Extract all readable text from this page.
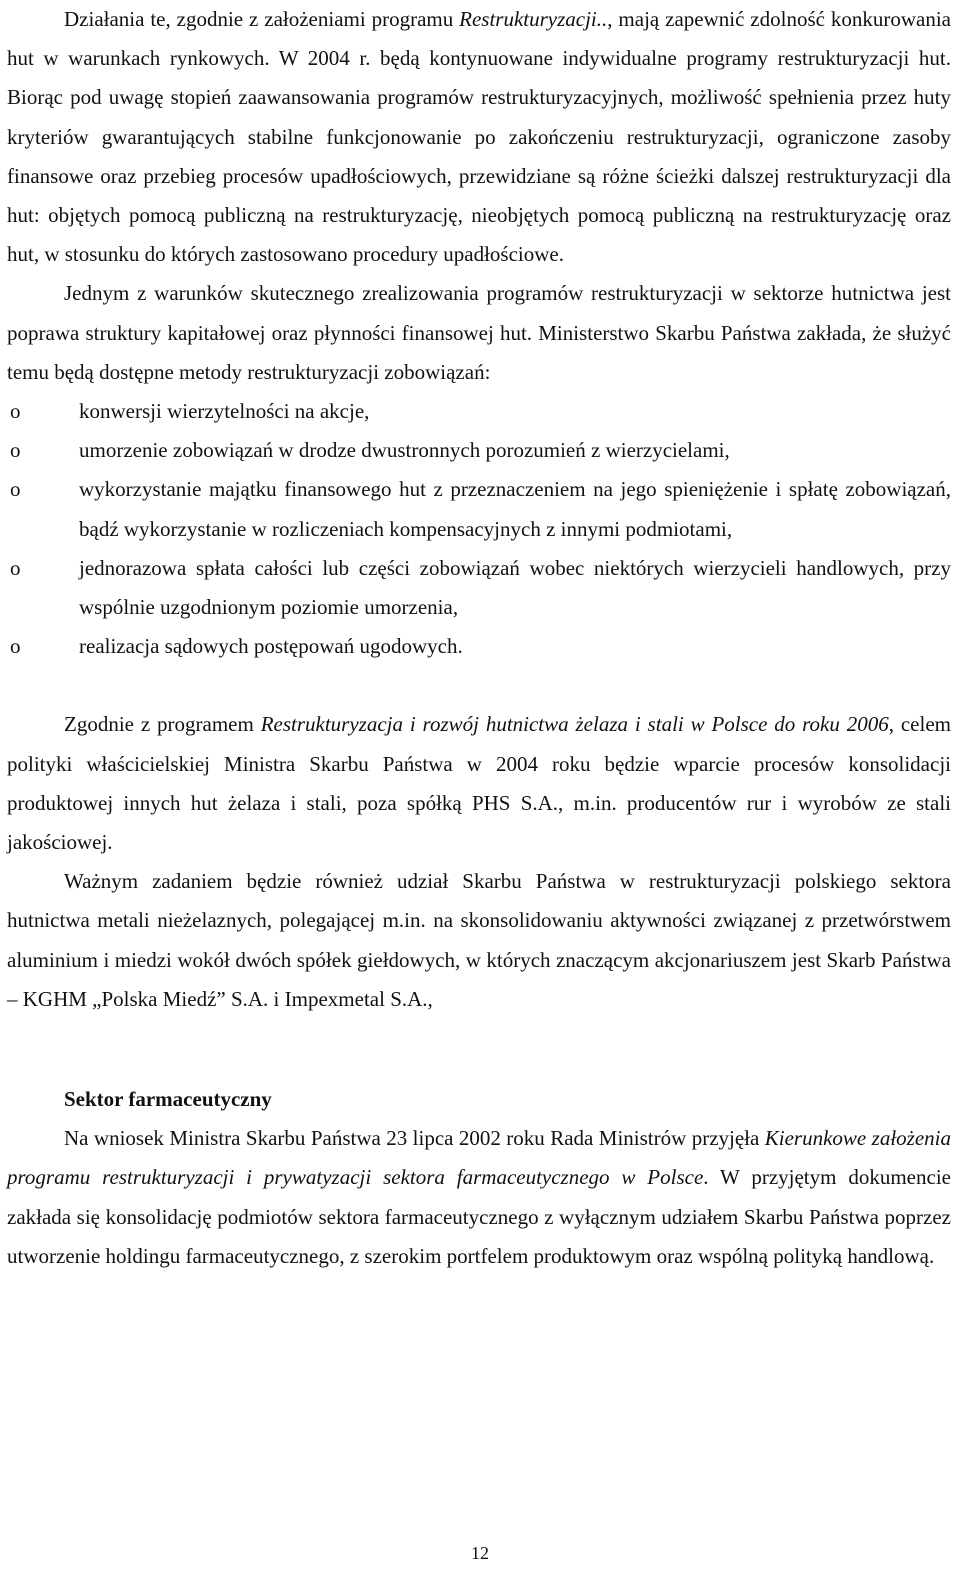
Działania te, zgodnie z założeniami programu Restrukturyzacji.., mają zapewnić zdolność konkurowania hut w warunkach rynkowych. W 2004 r. będą kontynuowane indywidualne programy restrukturyzacji hut. Biorąc pod uwagę stopień zaawansowania programów restrukturyzacyjnych, możliwość spełnienia przez huty kryteriów gwarantujących stabilne funkcjonowanie po zakończeniu restrukturyzacji, ograniczone zasoby finansowe oraz przebieg procesów upadłościowych, przewidziane są różne ścieżki dalszej restrukturyzacji dla hut: objętych pomocą publiczną na restrukturyzację, nieobjętych pomocą publiczną na restrukturyzację oraz hut, w stosunku do których zastosowano procedury upadłościowe.

Jednym z warunków skutecznego zrealizowania programów restrukturyzacji w sektorze hutnictwa jest poprawa struktury kapitałowej oraz płynności finansowej hut. Ministerstwo Skarbu Państwa zakłada, że służyć temu będą dostępne metody restrukturyzacji zobowiązań:

o	konwersji wierzytelności na akcje,
o	umorzenie zobowiązań w drodze dwustronnych porozumień z wierzycielami,
o	wykorzystanie majątku finansowego hut z przeznaczeniem na jego spieniężenie i spłatę zobowiązań, bądź wykorzystanie w rozliczeniach kompensacyjnych z innymi podmiotami,
o	jednorazowa spłata całości lub części zobowiązań wobec niektórych wierzycieli handlowych, przy wspólnie uzgodnionym poziomie umorzenia,
o	realizacja sądowych postępowań ugodowych.

Zgodnie z programem Restrukturyzacja i rozwój hutnictwa żelaza i stali w Polsce do roku 2006, celem polityki właścicielskiej Ministra Skarbu Państwa w 2004 roku będzie wparcie procesów konsolidacji produktowej innych hut żelaza i stali, poza spółką PHS S.A., m.in. producentów rur i wyrobów ze stali jakościowej.

Ważnym zadaniem będzie również udział Skarbu Państwa w restrukturyzacji polskiego sektora hutnictwa metali nieżelaznych, polegającej m.in. na skonsolidowaniu aktywności związanej z przetwórstwem aluminium i miedzi wokół dwóch spółek giełdowych, w których znaczącym akcjonariuszem jest Skarb Państwa – KGHM „Polska Miedź” S.A. i Impexmetal S.A.,

Sektor farmaceutyczny

Na wniosek Ministra Skarbu Państwa 23 lipca 2002 roku Rada Ministrów przyjęła Kierunkowe założenia programu restrukturyzacji i prywatyzacji sektora farmaceutycznego w Polsce. W przyjętym dokumencie zakłada się konsolidację podmiotów sektora farmaceutycznego z wyłącznym udziałem Skarbu Państwa poprzez utworzenie holdingu farmaceutycznego, z szerokim portfelem produktowym oraz wspólną polityką handlową.

12
